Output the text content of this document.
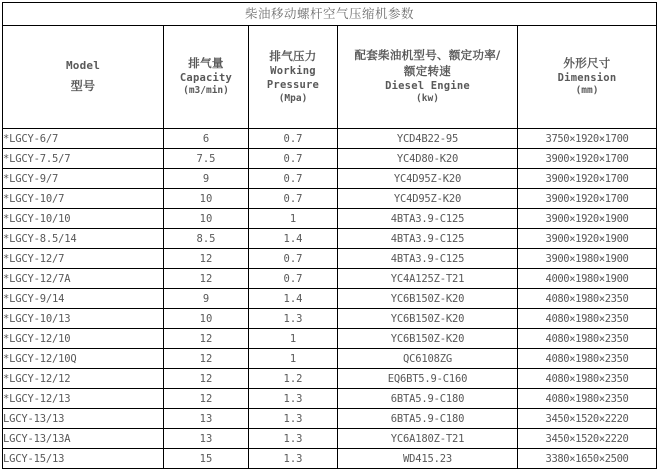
柴油移动螺杆空气压缩机参数				

Model
型号	排气量
Capacity
(m3/min)	排气压力
Working
Pressure
(Mpa)	配套柴油机型号、额定功率/
额定转速
Diesel Engine
(kw)	外形尺寸
Dimension
(mm)

*LGCY-6/7	6	0.7	YCD4B22-95	3750×1920×1700
*LGCY-7.5/7	7.5	0.7	YC4D80-K20	3900×1920×1700
*LGCY-9/7	9	0.7	YC4D95Z-K20	3900×1920×1700
*LGCY-10/7	10	0.7	YC4D95Z-K20	3900×1920×1700
*LGCY-10/10	10	1	4BTA3.9-C125	3900×1920×1900
*LGCY-8.5/14	8.5	1.4	4BTA3.9-C125	3900×1920×1900
*LGCY-12/7	12	0.7	4BTA3.9-C125	3900×1980×1900
*LGCY-12/7A	12	0.7	YC4A125Z-T21	4000×1980×1900
*LGCY-9/14	9	1.4	YC6B150Z-K20	4080×1980×2350
*LGCY-10/13	10	1.3	YC6B150Z-K20	4080×1980×2350
*LGCY-12/10	12	1	YC6B150Z-K20	4080×1980×2350
*LGCY-12/10Q	12	1	QC6108ZG	4080×1980×2350
*LGCY-12/12	12	1.2	EQ6BT5.9-C160	4080×1980×2350
*LGCY-12/13	12	1.3	6BTA5.9-C180	4080×1980×2350
LGCY-13/13	13	1.3	6BTA5.9-C180	3450×1520×2220
LGCY-13/13A	13	1.3	YC6A180Z-T21	3450×1520×2220
LGCY-15/13	15	1.3	WD415.23	3380×1650×2500
